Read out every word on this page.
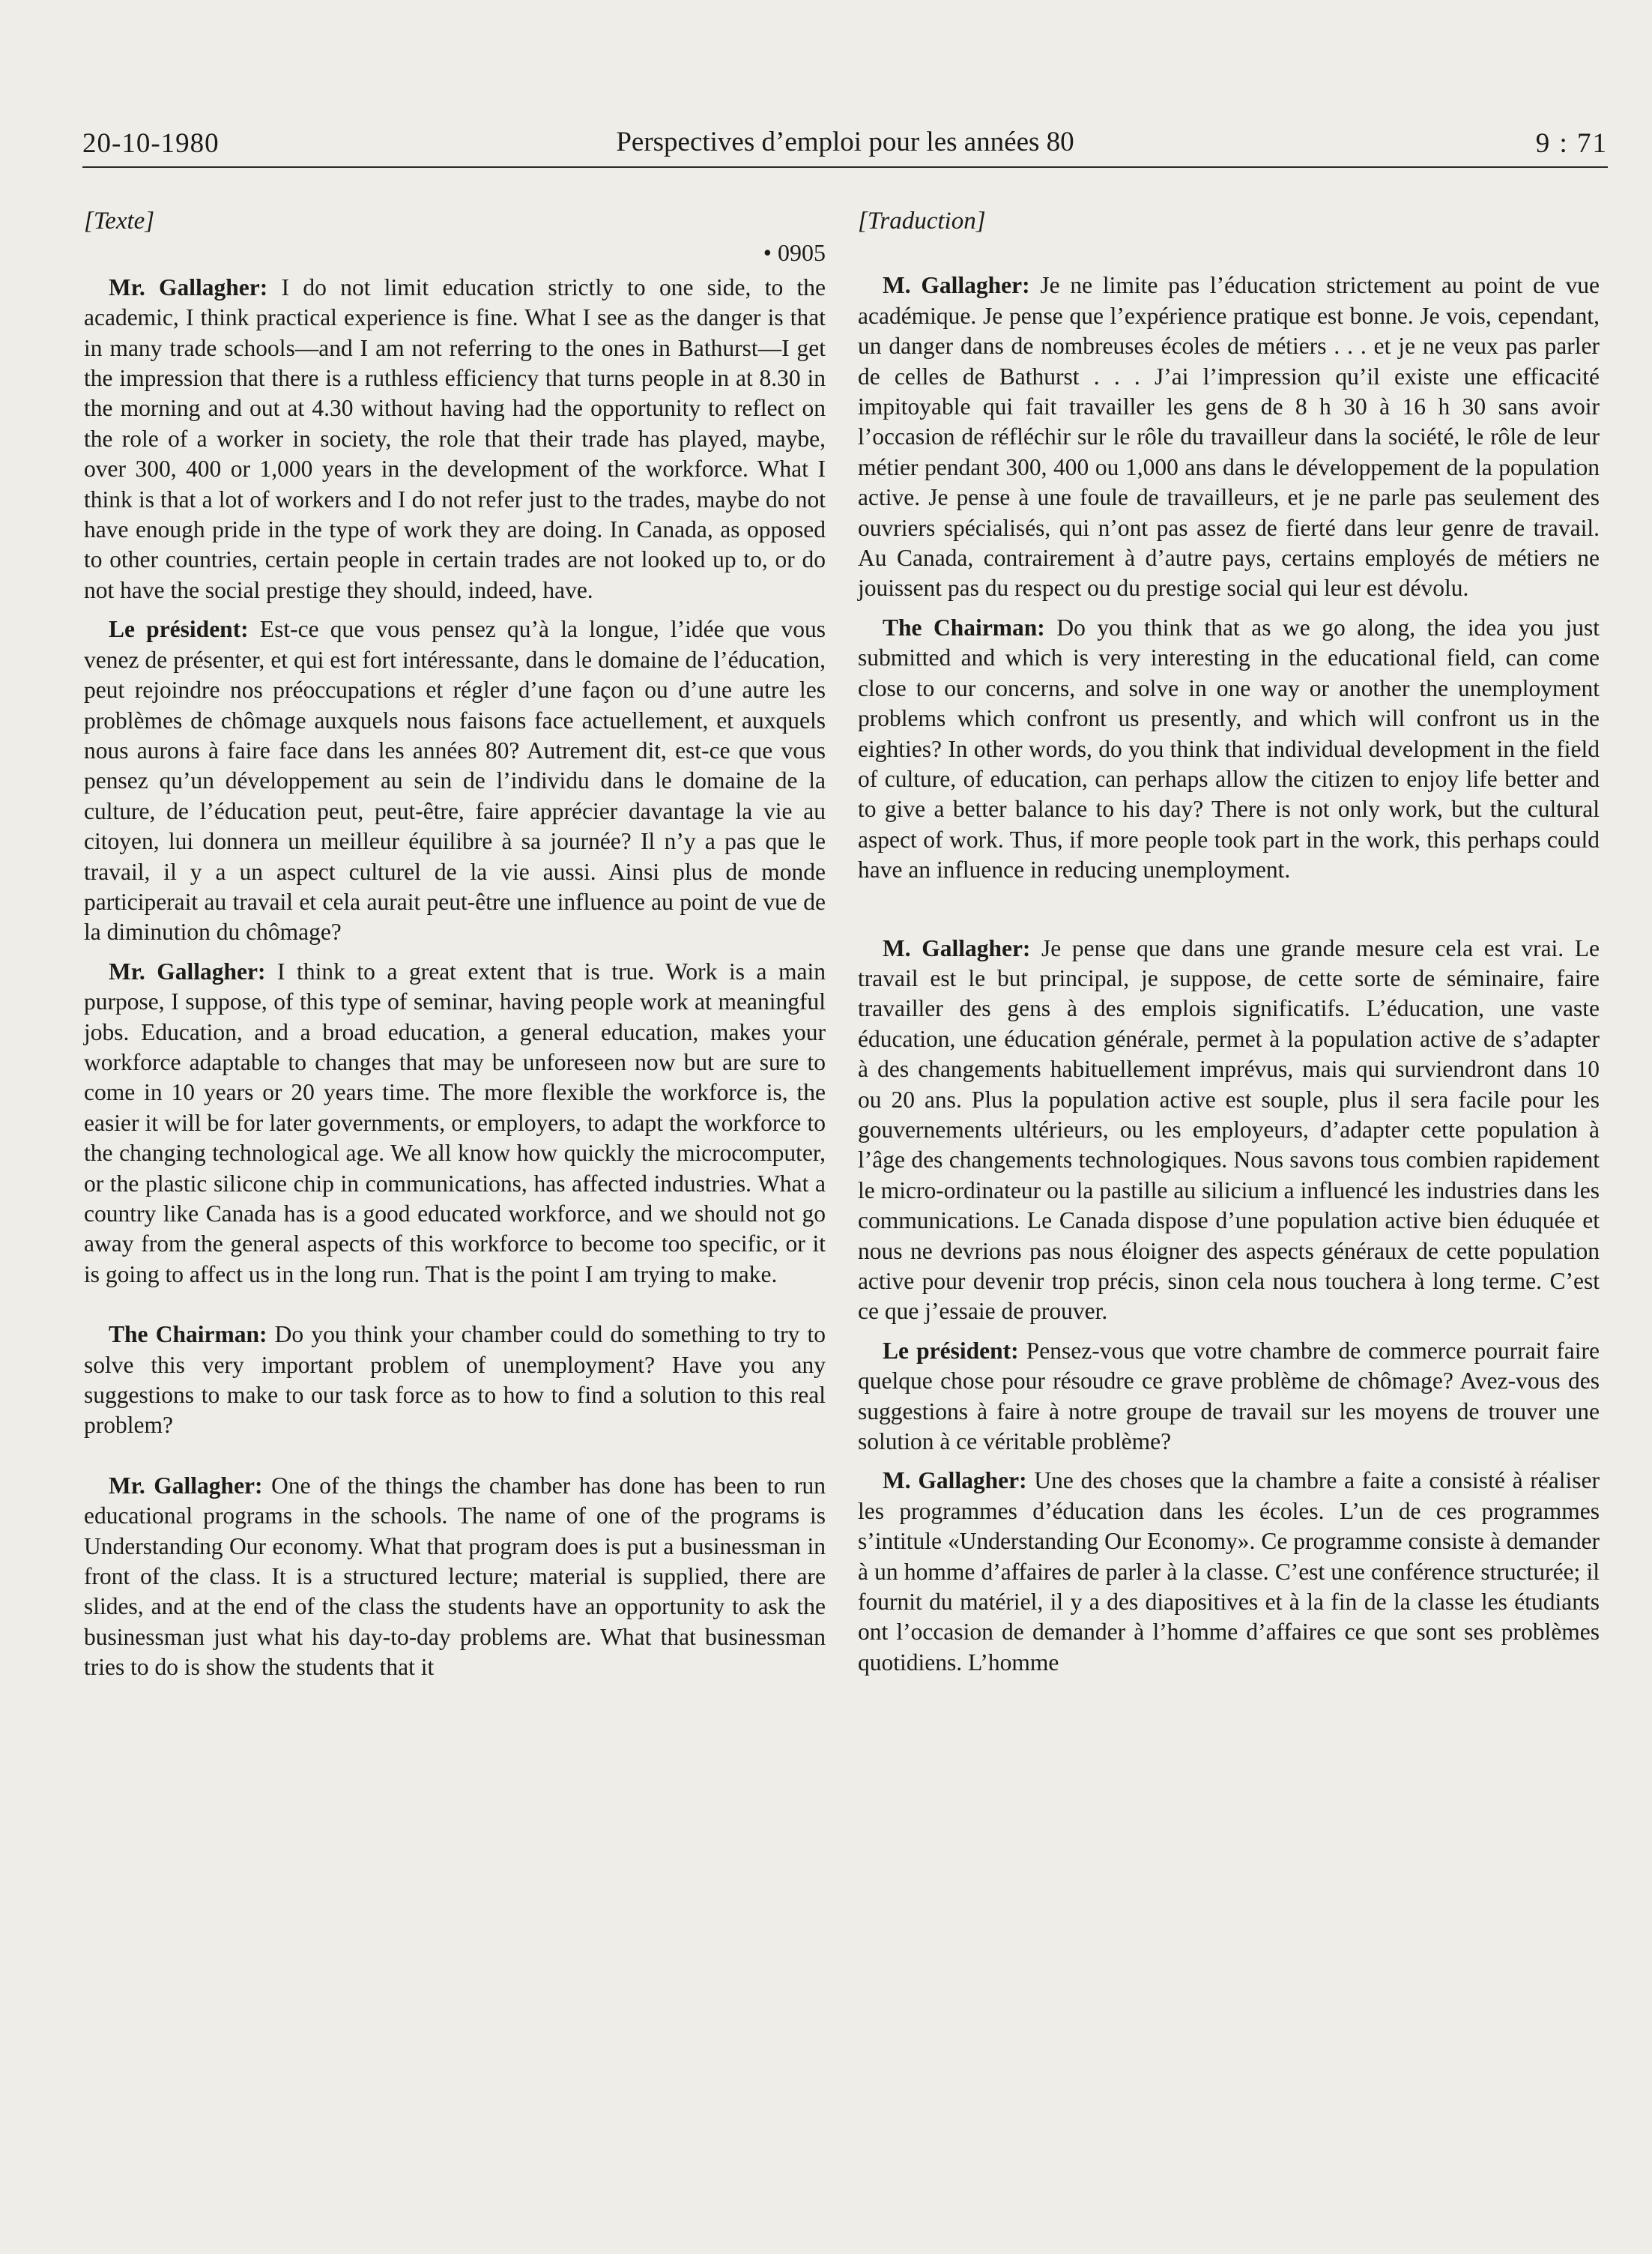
20-10-1980	Perspectives d’emploi pour les années 80	9 : 71
[Texte]
• 0905

Mr. Gallagher: I do not limit education strictly to one side, to the academic, I think practical experience is fine. What I see as the danger is that in many trade schools—and I am not referring to the ones in Bathurst—I get the impression that there is a ruthless efficiency that turns people in at 8.30 in the morning and out at 4.30 without having had the opportunity to reflect on the role of a worker in society, the role that their trade has played, maybe, over 300, 400 or 1,000 years in the development of the workforce. What I think is that a lot of workers and I do not refer just to the trades, maybe do not have enough pride in the type of work they are doing. In Canada, as opposed to other countries, certain people in certain trades are not looked up to, or do not have the social prestige they should, indeed, have.

Le président: Est-ce que vous pensez qu’à la longue, l’idée que vous venez de présenter, et qui est fort intéressante, dans le domaine de l’éducation, peut rejoindre nos préoccupations et régler d’une façon ou d’une autre les problèmes de chômage auxquels nous faisons face actuellement, et auxquels nous aurons à faire face dans les années 80? Autrement dit, est-ce que vous pensez qu’un développement au sein de l’individu dans le domaine de la culture, de l’éducation peut, peut-être, faire apprécier davantage la vie au citoyen, lui donnera un meilleur équilibre à sa journée? Il n’y a pas que le travail, il y a un aspect culturel de la vie aussi. Ainsi plus de monde participerait au travail et cela aurait peut-être une influence au point de vue de la diminution du chômage?

Mr. Gallagher: I think to a great extent that is true. Work is a main purpose, I suppose, of this type of seminar, having people work at meaningful jobs. Education, and a broad education, a general education, makes your workforce adaptable to changes that may be unforeseen now but are sure to come in 10 years or 20 years time. The more flexible the workforce is, the easier it will be for later governments, or employers, to adapt the workforce to the changing technological age. We all know how quickly the microcomputer, or the plastic silicone chip in communications, has affected industries. What a country like Canada has is a good educated workforce, and we should not go away from the general aspects of this workforce to become too specific, or it is going to affect us in the long run. That is the point I am trying to make.

The Chairman: Do you think your chamber could do something to try to solve this very important problem of unemployment? Have you any suggestions to make to our task force as to how to find a solution to this real problem?

Mr. Gallagher: One of the things the chamber has done has been to run educational programs in the schools. The name of one of the programs is Understanding Our economy. What that program does is put a businessman in front of the class. It is a structured lecture; material is supplied, there are slides, and at the end of the class the students have an opportunity to ask the businessman just what his day-to-day problems are. What that businessman tries to do is show the students that it

[Traduction]

M. Gallagher: Je ne limite pas l’éducation strictement au point de vue académique. Je pense que l’expérience pratique est bonne. Je vois, cependant, un danger dans de nombreuses écoles de métiers . . . et je ne veux pas parler de celles de Bathurst . . . J’ai l’impression qu’il existe une efficacité impitoyable qui fait travailler les gens de 8 h 30 à 16 h 30 sans avoir l’occasion de réfléchir sur le rôle du travailleur dans la société, le rôle de leur métier pendant 300, 400 ou 1,000 ans dans le développement de la population active. Je pense à une foule de travailleurs, et je ne parle pas seulement des ouvriers spécialisés, qui n’ont pas assez de fierté dans leur genre de travail. Au Canada, contrairement à d’autre pays, certains employés de métiers ne jouissent pas du respect ou du prestige social qui leur est dévolu.

The Chairman: Do you think that as we go along, the idea you just submitted and which is very interesting in the educational field, can come close to our concerns, and solve in one way or another the unemployment problems which confront us presently, and which will confront us in the eighties? In other words, do you think that individual development in the field of culture, of education, can perhaps allow the citizen to enjoy life better and to give a better balance to his day? There is not only work, but the cultural aspect of work. Thus, if more people took part in the work, this perhaps could have an influence in reducing unemployment.

M. Gallagher: Je pense que dans une grande mesure cela est vrai. Le travail est le but principal, je suppose, de cette sorte de séminaire, faire travailler des gens à des emplois significatifs. L’éducation, une vaste éducation, une éducation générale, permet à la population active de s’adapter à des changements habituellement imprévus, mais qui surviendront dans 10 ou 20 ans. Plus la population active est souple, plus il sera facile pour les gouvernements ultérieurs, ou les employeurs, d’adapter cette population à l’âge des changements technologiques. Nous savons tous combien rapidement le micro-ordinateur ou la pastille au silicium a influencé les industries dans les communications. Le Canada dispose d’une population active bien éduquée et nous ne devrions pas nous éloigner des aspects généraux de cette population active pour devenir trop précis, sinon cela nous touchera à long terme. C’est ce que j’essaie de prouver.

Le président: Pensez-vous que votre chambre de commerce pourrait faire quelque chose pour résoudre ce grave problème de chômage? Avez-vous des suggestions à faire à notre groupe de travail sur les moyens de trouver une solution à ce véritable problème?

M. Gallagher: Une des choses que la chambre a faite a consisté à réaliser les programmes d’éducation dans les écoles. L’un de ces programmes s’intitule «Understanding Our Economy». Ce programme consiste à demander à un homme d’affaires de parler à la classe. C’est une conférence structurée; il fournit du matériel, il y a des diapositives et à la fin de la classe les étudiants ont l’occasion de demander à l’homme d’affaires ce que sont ses problèmes quotidiens. L’homme
